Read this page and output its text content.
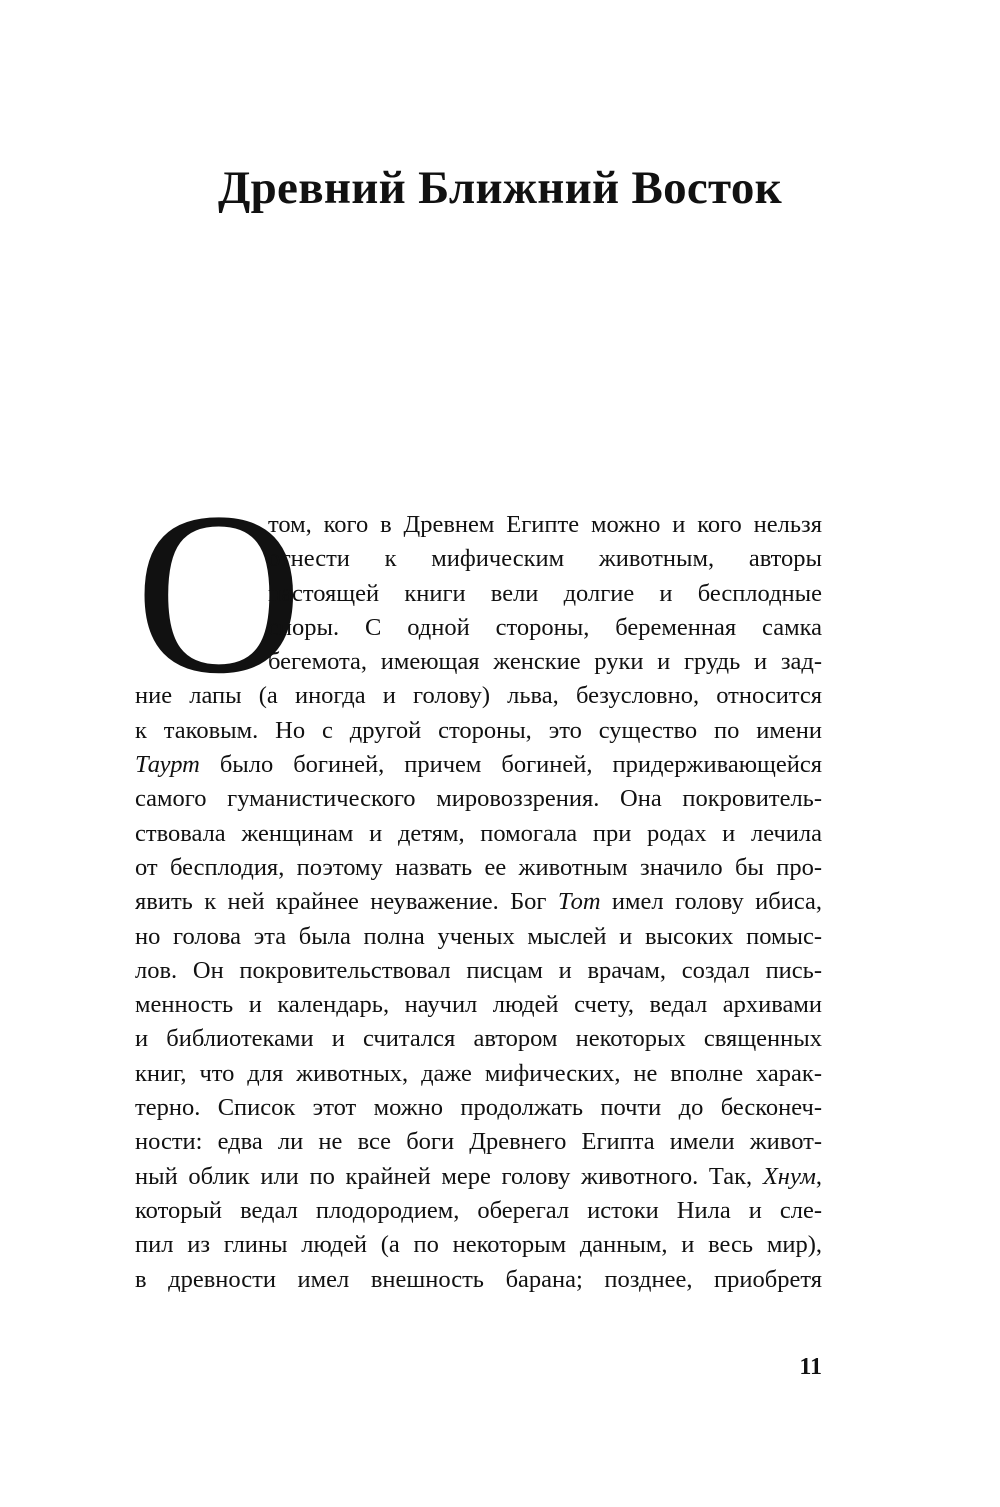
Древний Ближний Восток
О
том, кого в Древнем Египте можно и кого нельзя
отнести к мифическим животным, авторы
настоящей книги вели долгие и бесплодные
споры. С одной стороны, беременная самка
бегемота, имеющая женские руки и грудь и зад-
ние лапы (а иногда и голову) льва, безусловно, относится
к таковым. Но с другой стороны, это существо по имени
Таурт было богиней, причем богиней, придерживающейся
самого гуманистического мировоззрения. Она покровитель-
ствовала женщинам и детям, помогала при родах и лечила
от бесплодия, поэтому назвать ее животным значило бы про-
явить к ней крайнее неуважение. Бог Тот имел голову ибиса,
но голова эта была полна ученых мыслей и высоких помыс-
лов. Он покровительствовал писцам и врачам, создал пись-
менность и календарь, научил людей счету, ведал архивами
и библиотеками и считался автором некоторых священных
книг, что для животных, даже мифических, не вполне харак-
терно. Список этот можно продолжать почти до бесконеч-
ности: едва ли не все боги Древнего Египта имели живот-
ный облик или по крайней мере голову животного. Так, Хнум,
который ведал плодородием, оберегал истоки Нила и сле-
пил из глины людей (а по некоторым данным, и весь мир),
в древности имел внешность барана; позднее, приобретя
11
